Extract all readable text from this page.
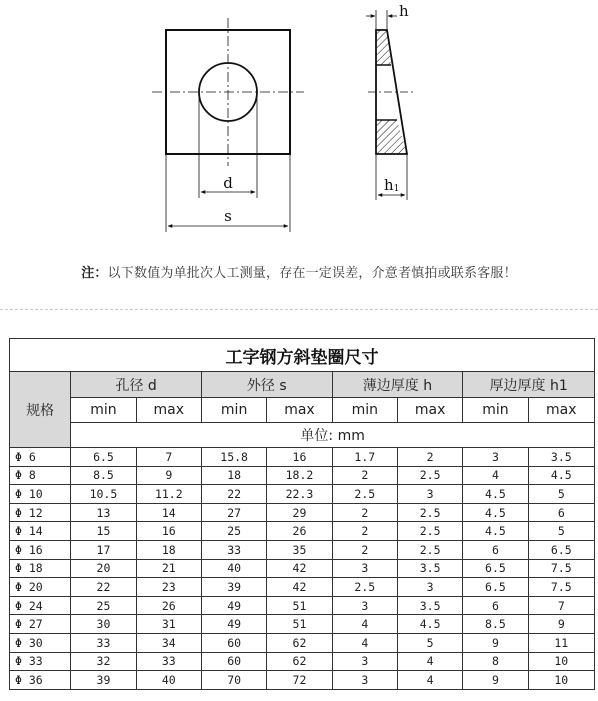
d
s
h
h1
注：以下数值为单批次人工测量，存在一定误差，介意者慎拍或联系客服！
工字钢方斜垫圈尺寸								
规格	孔径 d		外径 s		薄边厚度 h		厚边厚度 h1	
	min	max	min	max	min	max	min	max
	单位: mm							
Φ 6	6.5	7	15.8	16	1.7	2	3	3.5
Φ 8	8.5	9	18	18.2	2	2.5	4	4.5
Φ 10	10.5	11.2	22	22.3	2.5	3	4.5	5
Φ 12	13	14	27	29	2	2.5	4.5	6
Φ 14	15	16	25	26	2	2.5	4.5	5
Φ 16	17	18	33	35	2	2.5	6	6.5
Φ 18	20	21	40	42	3	3.5	6.5	7.5
Φ 20	22	23	39	42	2.5	3	6.5	7.5
Φ 24	25	26	49	51	3	3.5	6	7
Φ 27	30	31	49	51	4	4.5	8.5	9
Φ 30	33	34	60	62	4	5	9	11
Φ 33	32	33	60	62	3	4	8	10
Φ 36	39	40	70	72	3	4	9	10
